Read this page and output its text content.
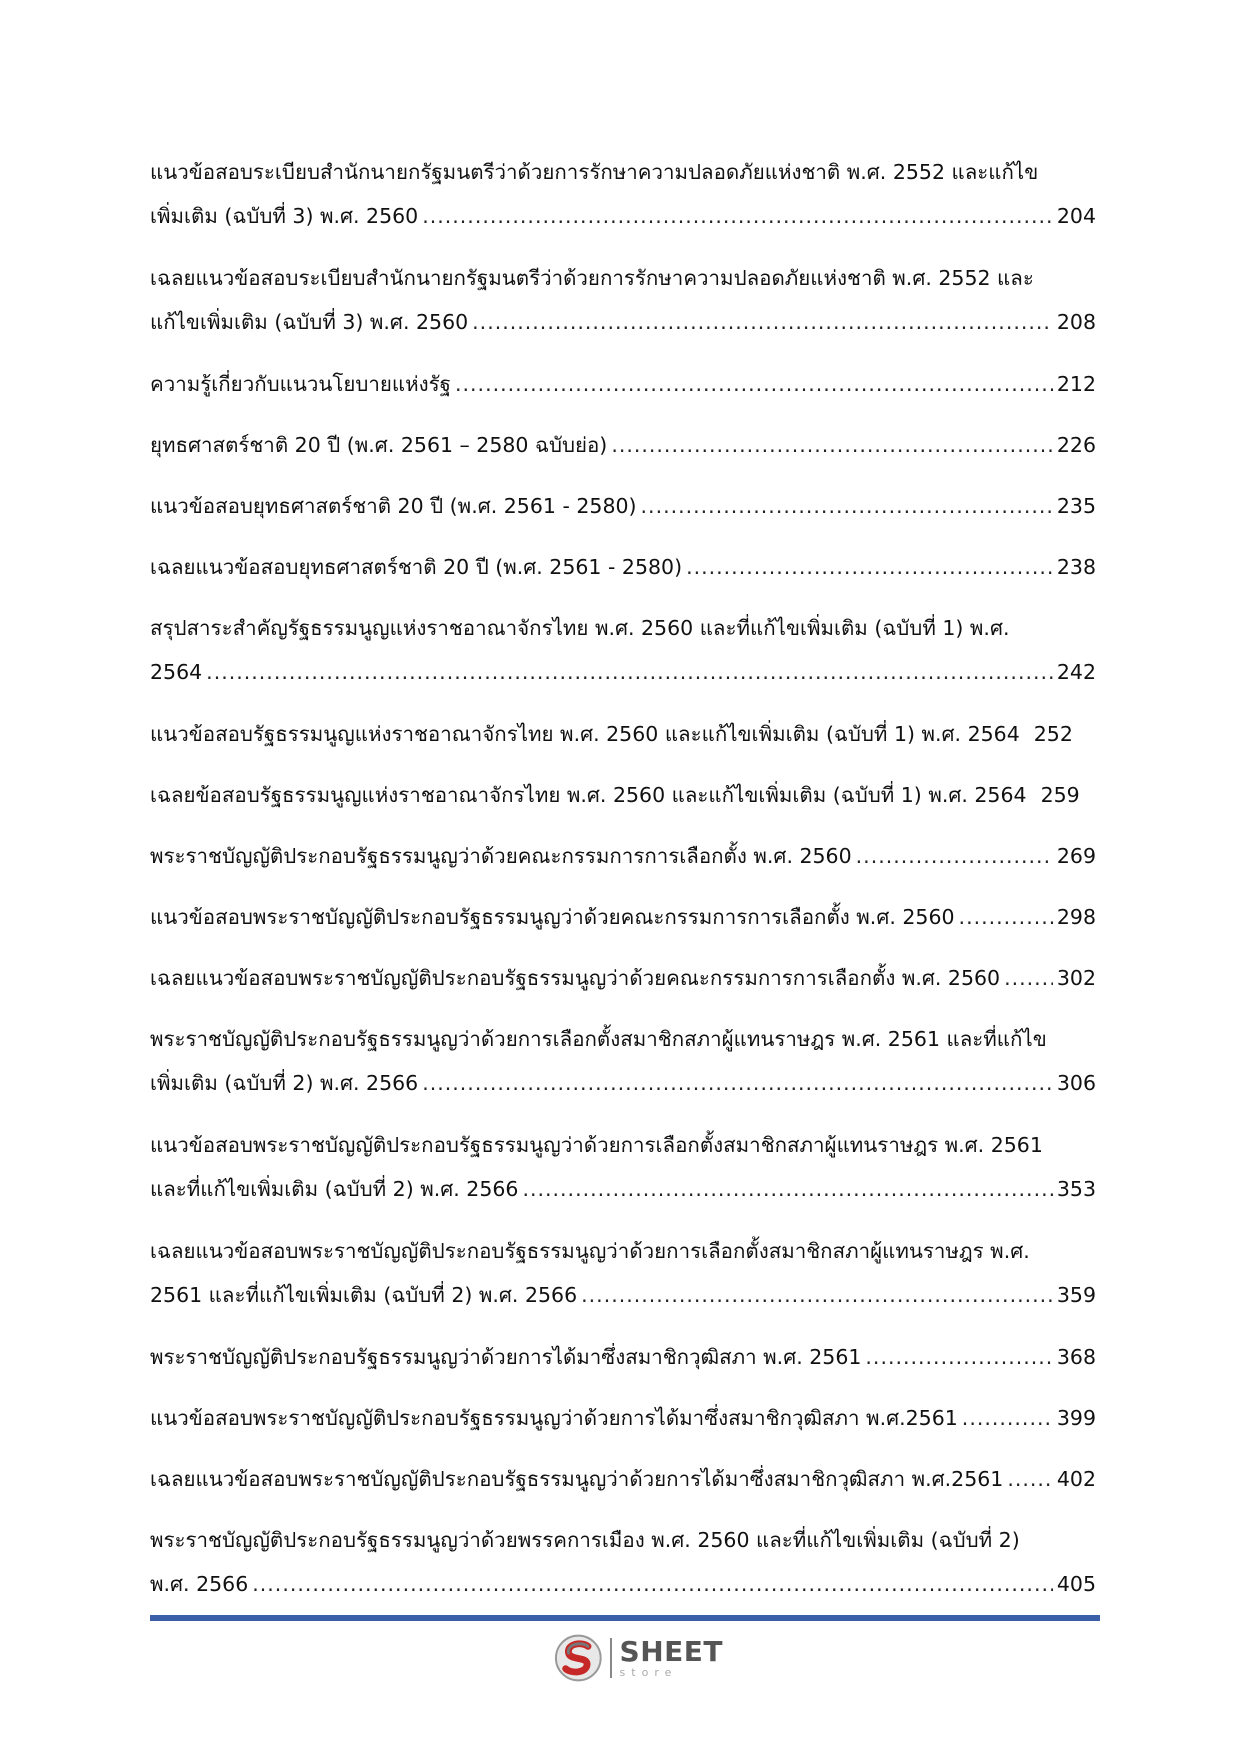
แนวข้อสอบระเบียบสำนักนายกรัฐมนตรีว่าด้วยการรักษาความปลอดภัยแห่งชาติ พ.ศ. 2552 และแก้ไข
เพิ่มเติม (ฉบับที่ 3) พ.ศ. 2560 .....	204
เฉลยแนวข้อสอบระเบียบสำนักนายกรัฐมนตรีว่าด้วยการรักษาความปลอดภัยแห่งชาติ พ.ศ. 2552 และ
แก้ไขเพิ่มเติม (ฉบับที่ 3) พ.ศ. 2560 .....	208
ความรู้เกี่ยวกับแนวนโยบายแห่งรัฐ .....	212
ยุทธศาสตร์ชาติ 20 ปี (พ.ศ. 2561 – 2580 ฉบับย่อ) .....	226
แนวข้อสอบยุทธศาสตร์ชาติ 20 ปี (พ.ศ. 2561 - 2580) .....	235
เฉลยแนวข้อสอบยุทธศาสตร์ชาติ 20 ปี (พ.ศ. 2561 - 2580) .....	238
สรุปสาระสำคัญรัฐธรรมนูญแห่งราชอาณาจักรไทย พ.ศ. 2560 และที่แก้ไขเพิ่มเติม (ฉบับที่ 1) พ.ศ.
2564 .....	242
แนวข้อสอบรัฐธรรมนูญแห่งราชอาณาจักรไทย พ.ศ. 2560 และแก้ไขเพิ่มเติม (ฉบับที่ 1) พ.ศ. 2564 252
เฉลยข้อสอบรัฐธรรมนูญแห่งราชอาณาจักรไทย พ.ศ. 2560 และแก้ไขเพิ่มเติม (ฉบับที่ 1) พ.ศ. 2564 259
พระราชบัญญัติประกอบรัฐธรรมนูญว่าด้วยคณะกรรมการการเลือกตั้ง พ.ศ. 2560 .....	269
แนวข้อสอบพระราชบัญญัติประกอบรัฐธรรมนูญว่าด้วยคณะกรรมการการเลือกตั้ง พ.ศ. 2560 .....	298
เฉลยแนวข้อสอบพระราชบัญญัติประกอบรัฐธรรมนูญว่าด้วยคณะกรรมการการเลือกตั้ง พ.ศ. 2560 .....	302
พระราชบัญญัติประกอบรัฐธรรมนูญว่าด้วยการเลือกตั้งสมาชิกสภาผู้แทนราษฎร พ.ศ. 2561 และที่แก้ไข
เพิ่มเติม (ฉบับที่ 2) พ.ศ. 2566 .....	306
แนวข้อสอบพระราชบัญญัติประกอบรัฐธรรมนูญว่าด้วยการเลือกตั้งสมาชิกสภาผู้แทนราษฎร พ.ศ. 2561
และที่แก้ไขเพิ่มเติม (ฉบับที่ 2) พ.ศ. 2566 .....	353
เฉลยแนวข้อสอบพระราชบัญญัติประกอบรัฐธรรมนูญว่าด้วยการเลือกตั้งสมาชิกสภาผู้แทนราษฎร พ.ศ.
2561 และที่แก้ไขเพิ่มเติม (ฉบับที่ 2) พ.ศ. 2566 .....	359
พระราชบัญญัติประกอบรัฐธรรมนูญว่าด้วยการได้มาซึ่งสมาชิกวุฒิสภา พ.ศ. 2561 .....	368
แนวข้อสอบพระราชบัญญัติประกอบรัฐธรรมนูญว่าด้วยการได้มาซึ่งสมาชิกวุฒิสภา พ.ศ.2561 .....	399
เฉลยแนวข้อสอบพระราชบัญญัติประกอบรัฐธรรมนูญว่าด้วยการได้มาซึ่งสมาชิกวุฒิสภา พ.ศ.2561 .....	402
พระราชบัญญัติประกอบรัฐธรรมนูญว่าด้วยพรรคการเมือง พ.ศ. 2560 และที่แก้ไขเพิ่มเติม (ฉบับที่ 2)
พ.ศ. 2566 .....	405
SHEET
store
